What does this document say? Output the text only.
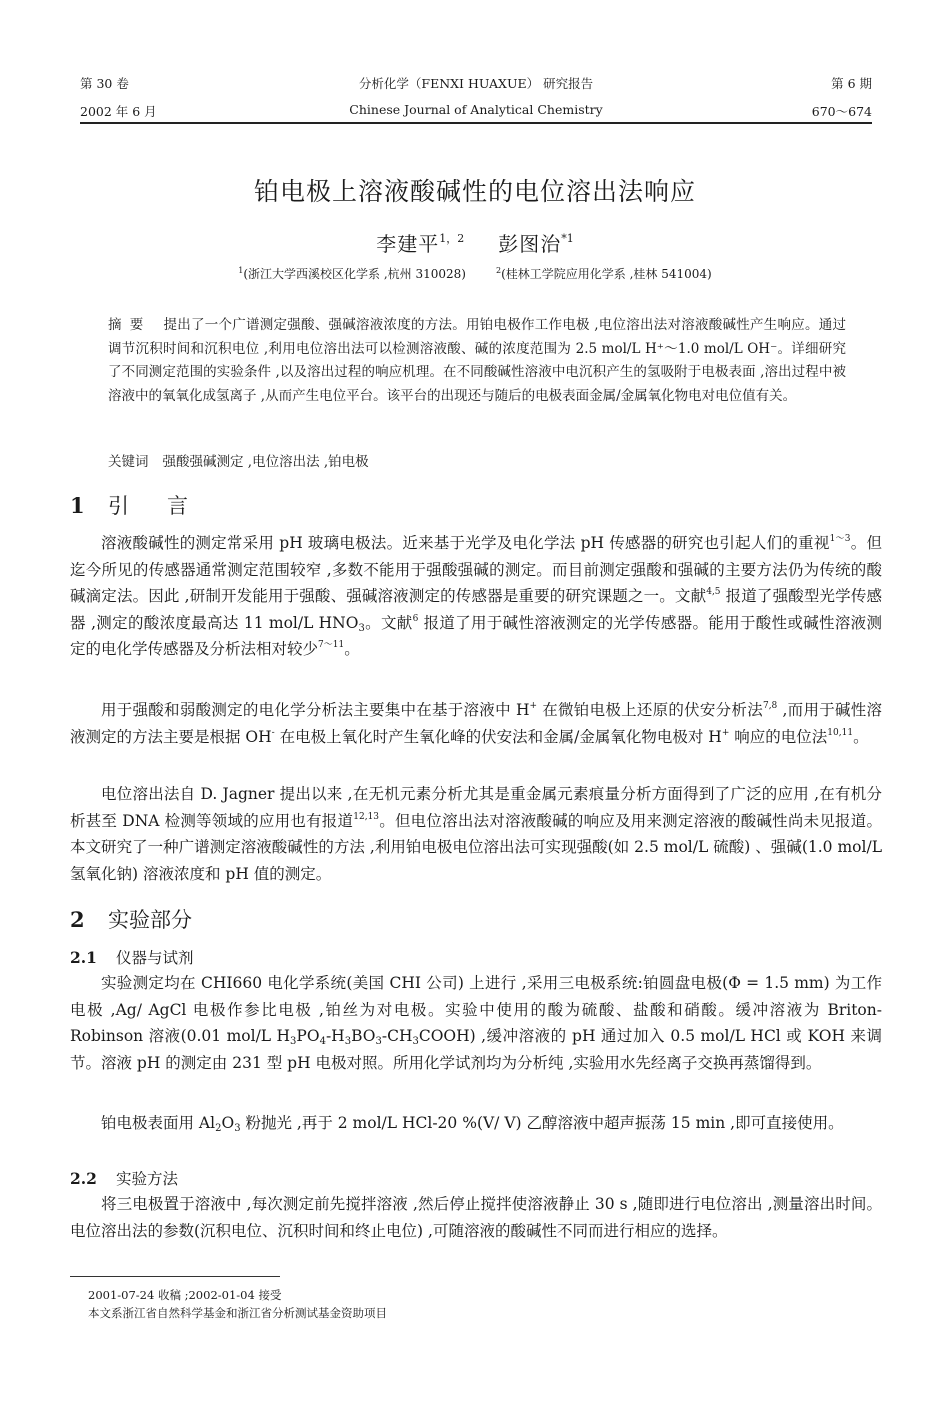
第 30 卷	分析化学（FENXI HUAXUE） 研究报告	第 6 期
2002 年 6 月	Chinese Journal of Analytical Chemistry	670～674
铂电极上溶液酸碱性的电位溶出法响应
李建平$^{1,2}$ 彭图治$^{*1}$
$^1$(浙江大学西溪校区化学系 ,杭州 310028)	$^2$(桂林工学院应用化学系 ,桂林 541004)
摘要 提出了一个广谱测定强酸、强碱溶液浓度的方法。用铂电极作工作电极 ,电位溶出法对溶液酸碱性产生响应。通过调节沉积时间和沉积电位 ,利用电位溶出法可以检测溶液酸、碱的浓度范围为 2.5 mol/L H⁺～1.0 mol/L OH⁻。详细研究了不同测定范围的实验条件 ,以及溶出过程的响应机理。在不同酸碱性溶液中电沉积产生的氢吸附于电极表面 ,溶出过程中被溶液中的氧氧化成氢离子 ,从而产生电位平台。该平台的出现还与随后的电极表面金属/金属氧化物电对电位值有关。
关键词 强酸强碱测定 ,电位溶出法 ,铂电极
1 引言
溶液酸碱性的测定常采用 pH 玻璃电极法。近来基于光学及电化学法 pH 传感器的研究也引起人们的重视$^{1\sim 3}$。但迄今所见的传感器通常测定范围较窄 ,多数不能用于强酸强碱的测定。而目前测定强酸和强碱的主要方法仍为传统的酸碱滴定法。因此 ,研制开发能用于强酸、强碱溶液测定的传感器是重要的研究课题之一。文献$^{4,5}$ 报道了强酸型光学传感器 ,测定的酸浓度最高达 11 mol/L $HNO_3$。文献$^6$ 报道了用于碱性溶液测定的光学传感器。能用于酸性或碱性溶液测定的电化学传感器及分析法相对较少$^{7\sim 11}$。
用于强酸和弱酸测定的电化学分析法主要集中在基于溶液中 H+ 在微铂电极上还原的伏安分析法$^{7,8}$ ,而用于碱性溶液测定的方法主要是根据 OH- 在电极上氧化时产生氧化峰的伏安法和金属/金属氧化物电极对 H+ 响应的电位法$^{10,11}$。
电位溶出法自 D. Jagner 提出以来 ,在无机元素分析尤其是重金属元素痕量分析方面得到了广泛的应用 ,在有机分析甚至 DNA 检测等领域的应用也有报道$^{12,13}$。但电位溶出法对溶液酸碱的响应及用来测定溶液的酸碱性尚未见报道。本文研究了一种广谱测定溶液酸碱性的方法 ,利用铂电极电位溶出法可实现强酸(如 2.5 mol/L 硫酸) 、强碱(1.0 mol/L 氢氧化钠) 溶液浓度和 pH 值的测定。
2 实验部分
2.1 仪器与试剂
实验测定均在 CHI660 电化学系统(美国 CHI 公司) 上进行 ,采用三电极系统:铂圆盘电极(Φ = 1.5 mm) 为工作电极 ,Ag/ AgCl 电极作参比电极 ,铂丝为对电极。实验中使用的酸为硫酸、盐酸和硝酸。缓冲溶液为 Briton-Robinson 溶液(0.01 mol/L $H_3PO_4-H_3BO_3-CH_3COOH$) ,缓冲溶液的 pH 通过加入 0.5 mol/L HCl 或 KOH 来调节。溶液 pH 的测定由 231 型 pH 电极对照。所用化学试剂均为分析纯 ,实验用水先经离子交换再蒸馏得到。
铂电极表面用 $Al_2O_3$ 粉抛光 ,再于 2 mol/L HCl-20 %(V/ V) 乙醇溶液中超声振荡 15 min ,即可直接使用。
2.2 实验方法
将三电极置于溶液中 ,每次测定前先搅拌溶液 ,然后停止搅拌使溶液静止 30 s ,随即进行电位溶出 ,测量溶出时间。电位溶出法的参数(沉积电位、沉积时间和终止电位) ,可随溶液的酸碱性不同而进行相应的选择。
2001-07-24 收稿 ;2002-01-04 接受
本文系浙江省自然科学基金和浙江省分析测试基金资助项目
